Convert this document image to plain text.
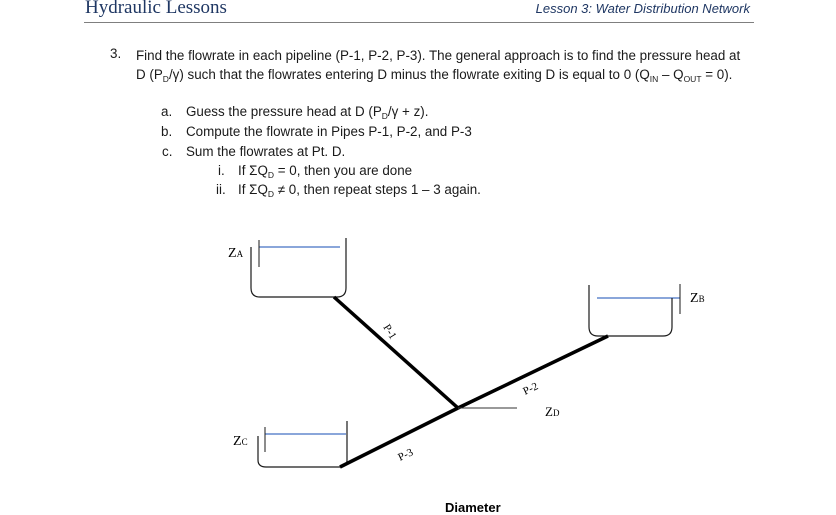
Hydraulic Lessons	Lesson 3: Water Distribution Network
3. Find the flowrate in each pipeline (P-1, P-2, P-3). The general approach is to find the pressure head at D $(P_D/\gamma)$ such that the flowrates entering D minus the flowrate exiting D is equal to 0 $(Q_{IN} - Q_{OUT} = 0)$.
a. Guess the pressure head at D $(P_D/\gamma + z)$.
b. Compute the flowrate in Pipes P-1, P-2, and P-3
c. Sum the flowrates at Pt. D.
i. If $\Sigma Q_D = 0$, then you are done
ii. If $\Sigma Q_D \ne 0$, then repeat steps 1 – 3 again.
ZA
ZB
ZC
ZD
P-1
P-2
P-3
Diameter
